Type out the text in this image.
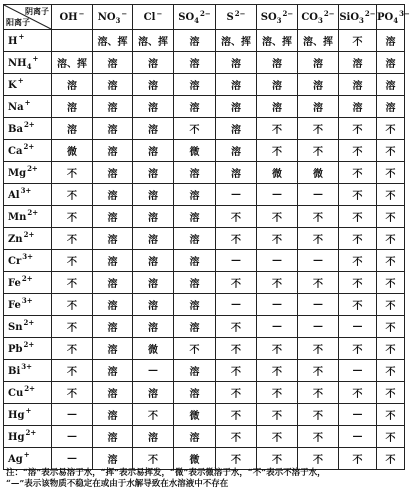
阴离子
阳离子	OH−	$NO_3^-$	Cl−	$SO_4^{2-}$	$S^{2-}$	$SO_3^{2-}$	$CO_3^{2-}$	SiO$_3^{2-}$	$PO_4^{3-}$
H+		溶、挥	溶、挥	溶	溶、挥	溶、挥	溶、挥	不	溶
$NH_4^+$	溶、挥	溶	溶	溶	溶	溶	溶	溶	溶
K+	溶	溶	溶	溶	溶	溶	溶	溶	溶
Na+	溶	溶	溶	溶	溶	溶	溶	溶	溶
$Ba^{2+}$	溶	溶	溶	不	溶	不	不	不	不
$Ca^{2+}$	微	溶	溶	微	溶	不	不	不	不
$Mg^{2+}$	不	溶	溶	溶	溶	微	微	不	不
$Al^{3+}$	不	溶	溶	溶	—	—	—	不	不
$Mn^{2+}$	不	溶	溶	溶	不	不	不	不	不
$Zn^{2+}$	不	溶	溶	溶	不	不	不	不	不
$Cr^{3+}$	不	溶	溶	溶	—	—	—	不	不
$Fe^{2+}$	不	溶	溶	溶	不	不	不	不	不
$Fe^{3+}$	不	溶	溶	溶	—	—	—	不	不
$Sn^{2+}$	不	溶	溶	溶	不	—	—	—	不
$Pb^{2+}$	不	溶	微	不	不	不	不	不	不
$Bi^{3+}$	不	溶	—	溶	不	不	不	—	不
$Cu^{2+}$	不	溶	溶	溶	不	不	不	不	不
Hg+	—	溶	不	微	不	不	不	—	不
$Hg^{2+}$	—	溶	溶	溶	不	不	不	—	不
Ag+	—	溶	不	微	不	不	不	不	不
注：“溶”表示易溶于水，“挥”表示易挥发，“微”表示微溶于水，“不”表示不溶于水，
“—”表示该物质不稳定在或由于水解导致在水溶液中不存在
